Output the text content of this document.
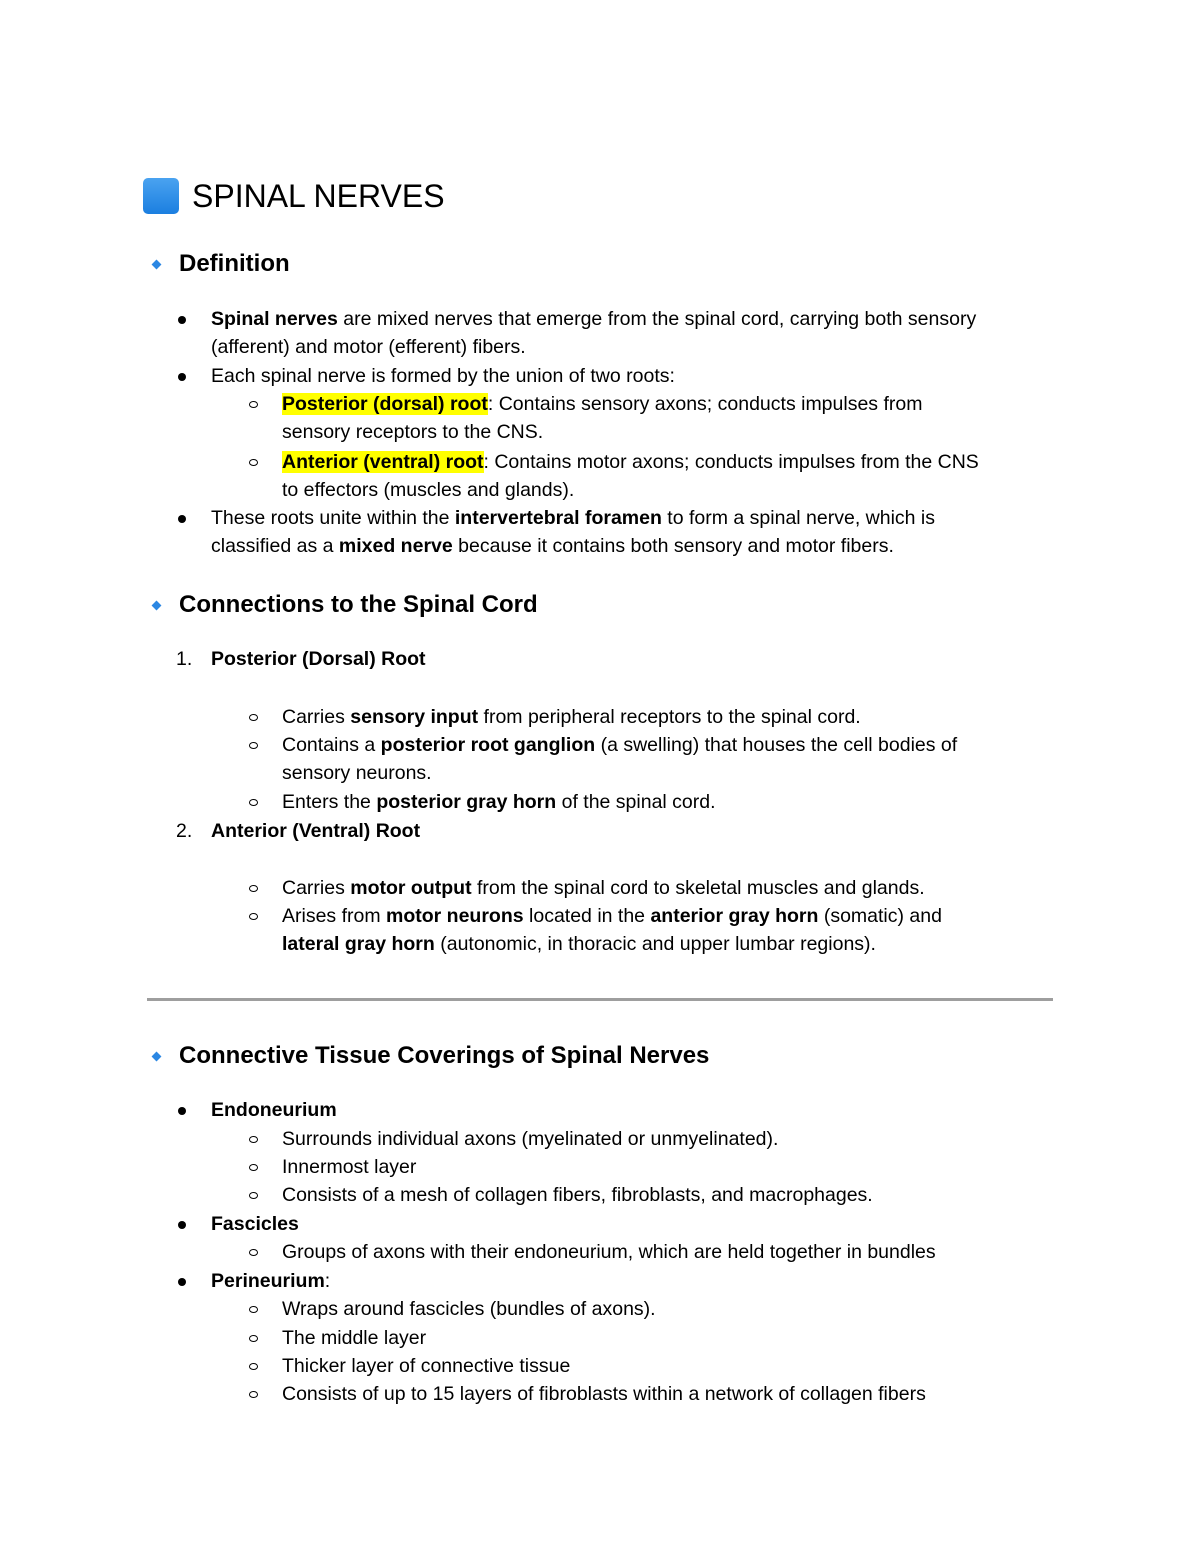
SPINAL NERVES
Definition
Spinal nerves are mixed nerves that emerge from the spinal cord, carrying both sensory
(afferent) and motor (efferent) fibers.
Each spinal nerve is formed by the union of two roots:
Posterior (dorsal) root: Contains sensory axons; conducts impulses from
sensory receptors to the CNS.
Anterior (ventral) root: Contains motor axons; conducts impulses from the CNS
to effectors (muscles and glands).
These roots unite within the intervertebral foramen to form a spinal nerve, which is
classified as a mixed nerve because it contains both sensory and motor fibers.
Connections to the Spinal Cord
1. Posterior (Dorsal) Root
Carries sensory input from peripheral receptors to the spinal cord.
Contains a posterior root ganglion (a swelling) that houses the cell bodies of
sensory neurons.
Enters the posterior gray horn of the spinal cord.
2. Anterior (Ventral) Root
Carries motor output from the spinal cord to skeletal muscles and glands.
Arises from motor neurons located in the anterior gray horn (somatic) and
lateral gray horn (autonomic, in thoracic and upper lumbar regions).
Connective Tissue Coverings of Spinal Nerves
Endoneurium
Surrounds individual axons (myelinated or unmyelinated).
Innermost layer
Consists of a mesh of collagen fibers, fibroblasts, and macrophages.
Fascicles
Groups of axons with their endoneurium, which are held together in bundles
Perineurium:
Wraps around fascicles (bundles of axons).
The middle layer
Thicker layer of connective tissue
Consists of up to 15 layers of fibroblasts within a network of collagen fibers
